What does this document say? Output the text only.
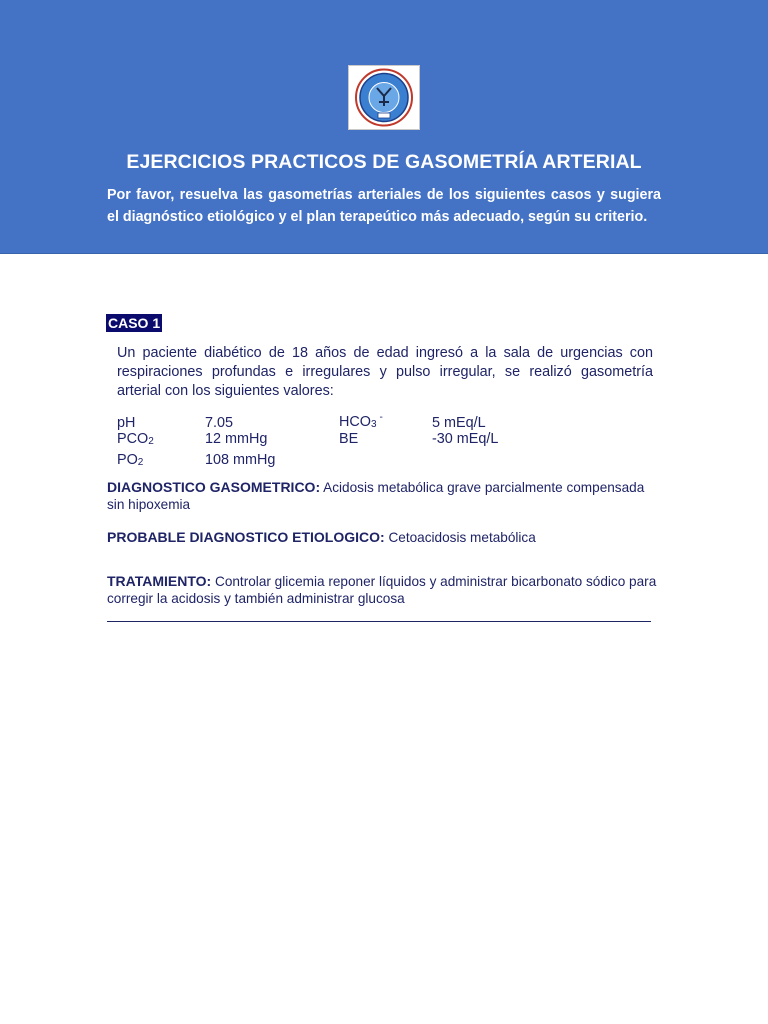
EJERCICIOS PRACTICOS DE GASOMETRÍA ARTERIAL

Por favor, resuelva las gasometrías arteriales de los siguientes casos y sugiera el diagnóstico etiológico y el plan terapeútico más adecuado, según su criterio.

CASO 1

Un paciente diabético de 18 años de edad ingresó a la sala de urgencias con respiraciones profundas e irregulares y pulso irregular, se realizó gasometría arterial con los siguientes valores:

pH	7.05
$PCO_2$	12 mmHg
$PO_2$	108 mmHg
$HCO_3^-$	5 mEq/L
BE	-30 mEq/L

DIAGNOSTICO GASOMETRICO: Acidosis metabólica grave parcialmente compensada sin hipoxemia

PROBABLE DIAGNOSTICO ETIOLOGICO: Cetoacidosis metabólica

TRATAMIENTO: Controlar glicemia reponer líquidos y administrar bicarbonato sódico para corregir la acidosis y también administrar glucosa
